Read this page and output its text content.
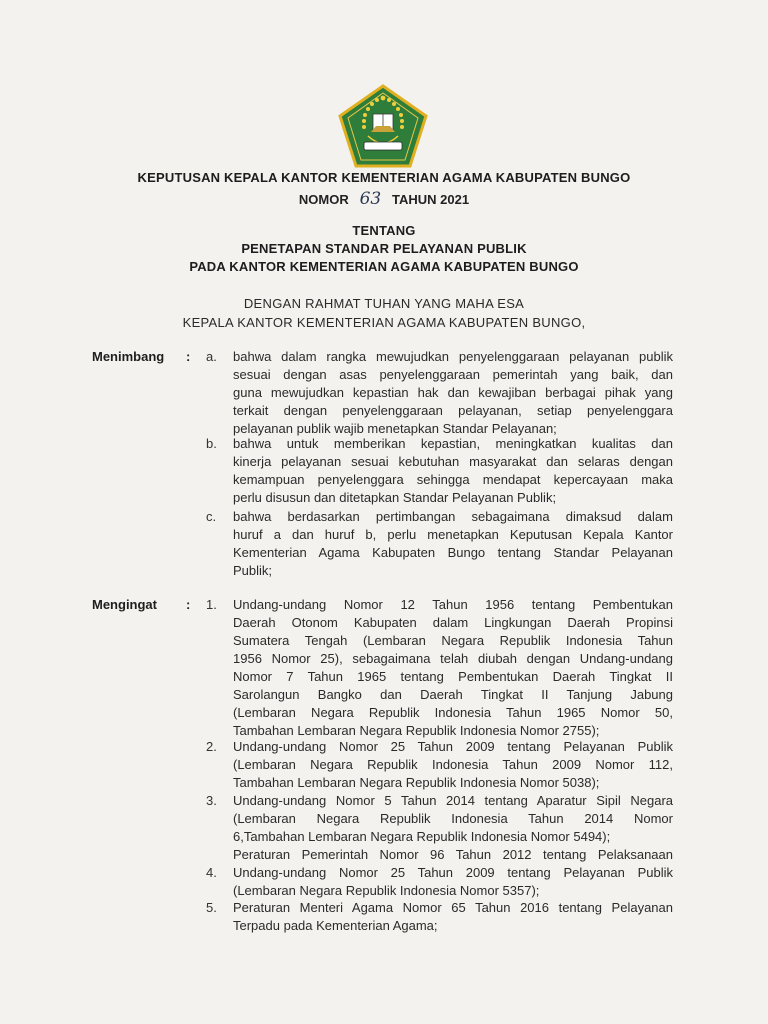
KEPUTUSAN KEPALA KANTOR KEMENTERIAN AGAMA KABUPATEN BUNGO
NOMOR 63 TAHUN 2021
TENTANG
PENETAPAN STANDAR PELAYANAN PUBLIK
PADA KANTOR KEMENTERIAN AGAMA KABUPATEN BUNGO
DENGAN RAHMAT TUHAN YANG MAHA ESA
KEPALA KANTOR KEMENTERIAN AGAMA KABUPATEN BUNGO,
Menimbang : a. bahwa dalam rangka mewujudkan penyelenggaraan pelayanan publik
sesuai dengan asas penyelenggaraan pemerintah yang baik, dan
guna mewujudkan kepastian hak dan kewajiban berbagai pihak yang
terkait dengan penyelenggaraan pelayanan, setiap penyelenggara
pelayanan publik wajib menetapkan Standar Pelayanan;
b. bahwa untuk memberikan kepastian, meningkatkan kualitas dan
kinerja pelayanan sesuai kebutuhan masyarakat dan selaras dengan
kemampuan penyelenggara sehingga mendapat kepercayaan maka
perlu disusun dan ditetapkan Standar Pelayanan Publik;
c. bahwa berdasarkan pertimbangan sebagaimana dimaksud dalam
huruf a dan huruf b, perlu menetapkan Keputusan Kepala Kantor
Kementerian Agama Kabupaten Bungo tentang Standar Pelayanan
Publik;
Mengingat : 1. Undang-undang Nomor 12 Tahun 1956 tentang Pembentukan
Daerah Otonom Kabupaten dalam Lingkungan Daerah Propinsi
Sumatera Tengah (Lembaran Negara Republik Indonesia Tahun
1956 Nomor 25), sebagaimana telah diubah dengan Undang-undang
Nomor 7 Tahun 1965 tentang Pembentukan Daerah Tingkat II
Sarolangun Bangko dan Daerah Tingkat II Tanjung Jabung
(Lembaran Negara Republik Indonesia Tahun 1965 Nomor 50,
Tambahan Lembaran Negara Republik Indonesia Nomor 2755);
2. Undang-undang Nomor 25 Tahun 2009 tentang Pelayanan Publik
(Lembaran Negara Republik Indonesia Tahun 2009 Nomor 112,
Tambahan Lembaran Negara Republik Indonesia Nomor 5038);
3. Undang-undang Nomor 5 Tahun 2014 tentang Aparatur Sipil Negara
(Lembaran Negara Republik Indonesia Tahun 2014 Nomor
6,Tambahan Lembaran Negara Republik Indonesia Nomor 5494);
Peraturan Pemerintah Nomor 96 Tahun 2012 tentang Pelaksanaan
4. Undang-undang Nomor 25 Tahun 2009 tentang Pelayanan Publik
(Lembaran Negara Republik Indonesia Nomor 5357);
5. Peraturan Menteri Agama Nomor 65 Tahun 2016 tentang Pelayanan
Terpadu pada Kementerian Agama;
